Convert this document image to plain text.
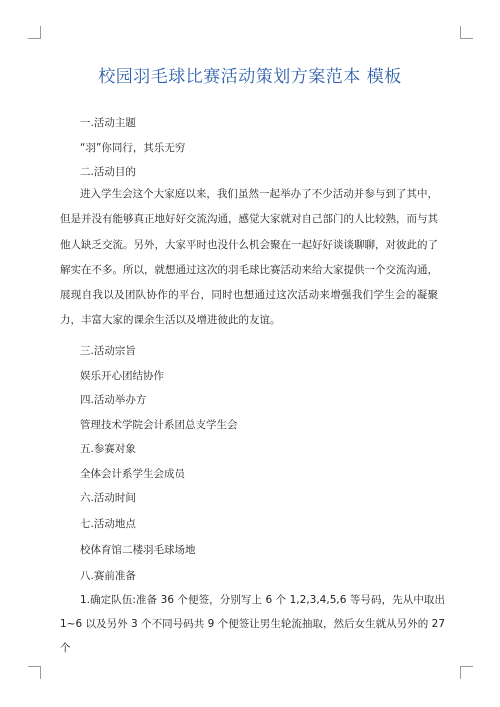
校园羽毛球比赛活动策划方案范本 模板
一.活动主题
“羽”你同行，其乐无穷
二.活动目的
进入学生会这个大家庭以来，我们虽然一起举办了不少活动并参与到了其中，但是并没有能够真正地好好交流沟通，感觉大家就对自己部门的人比较熟，而与其他人缺乏交流。另外，大家平时也没什么机会聚在一起好好谈谈聊聊，对彼此的了解实在不多。所以，就想通过这次的羽毛球比赛活动来给大家提供一个交流沟通，展现自我以及团队协作的平台，同时也想通过这次活动来增强我们学生会的凝聚力，丰富大家的课余生活以及增进彼此的友谊。
三.活动宗旨
娱乐开心团结协作
四.活动举办方
管理技术学院会计系团总支学生会
五.参赛对象
全体会计系学生会成员
六.活动时间
七.活动地点
校体育馆二楼羽毛球场地
八.赛前准备
1.确定队伍:准备 36 个便签，分别写上 6 个 1,2,3,4,5,6 等号码，先从中取出 1~6 以及另外 3 个不同号码共 9 个便签让男生轮流抽取，然后女生就从另外的 27 个
